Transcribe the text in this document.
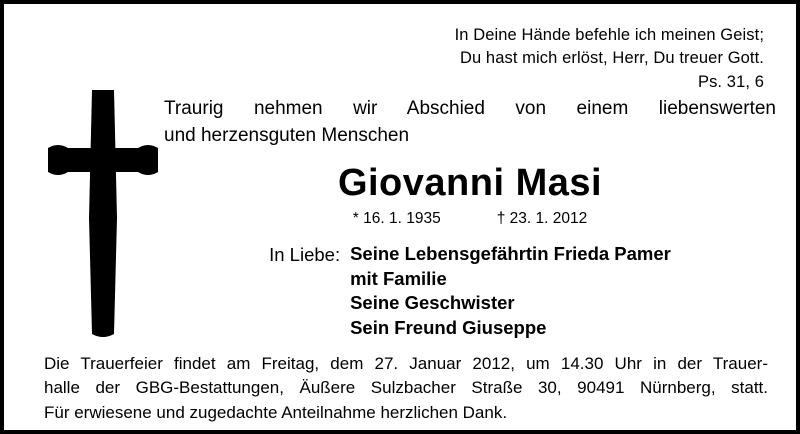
In Deine Hände befehle ich meinen Geist;
Du hast mich erlöst, Herr, Du treuer Gott.
Ps. 31, 6
Traurig nehmen wir Abschied von einem liebenswerten
und herzensguten Menschen
Giovanni Masi
* 16. 1. 1935	† 23. 1. 2012
In Liebe: Seine Lebensgefährtin Frieda Pamer
mit Familie
Seine Geschwister
Sein Freund Giuseppe
Die Trauerfeier findet am Freitag, dem 27. Januar 2012, um 14.30 Uhr in der Trauer-
halle der GBG-Bestattungen, Äußere Sulzbacher Straße 30, 90491 Nürnberg, statt.
Für erwiesene und zugedachte Anteilnahme herzlichen Dank.
